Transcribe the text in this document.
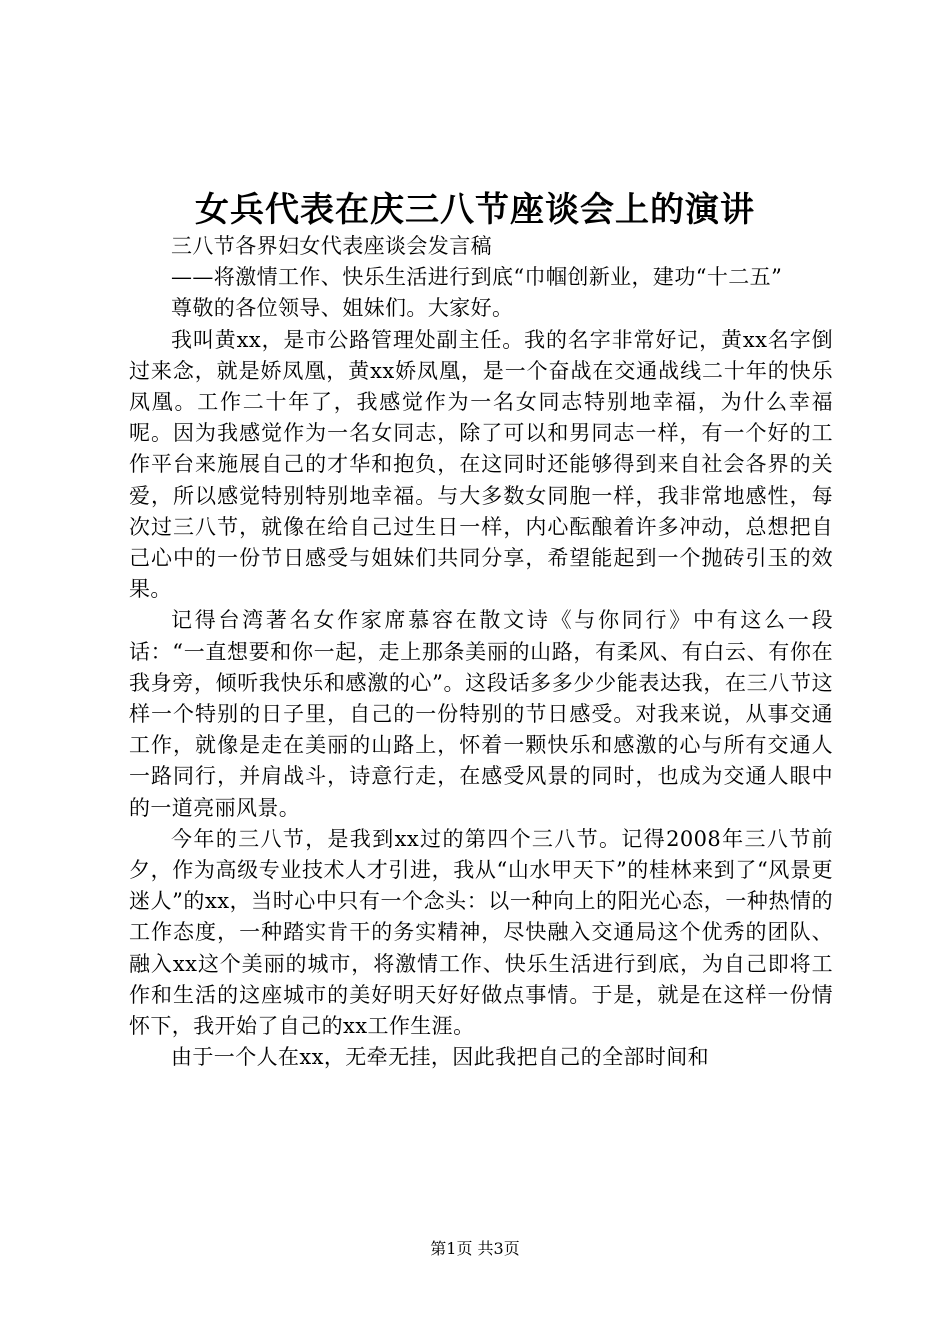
女兵代表在庆三八节座谈会上的演讲

三八节各界妇女代表座谈会发言稿

——将激情工作、快乐生活进行到底“巾帼创新业，建功“十二五”

尊敬的各位领导、姐妹们。大家好。

我叫黄xx，是市公路管理处副主任。我的名字非常好记，黄xx名字倒过来念，就是娇凤凰，黄xx娇凤凰，是一个奋战在交通战线二十年的快乐凤凰。工作二十年了，我感觉作为一名女同志特别地幸福，为什么幸福呢。因为我感觉作为一名女同志，除了可以和男同志一样，有一个好的工作平台来施展自己的才华和抱负，在这同时还能够得到来自社会各界的关爱，所以感觉特别特别地幸福。与大多数女同胞一样，我非常地感性，每次过三八节，就像在给自己过生日一样，内心酝酿着许多冲动，总想把自己心中的一份节日感受与姐妹们共同分享，希望能起到一个抛砖引玉的效果。

记得台湾著名女作家席慕容在散文诗《与你同行》中有这么一段话：“一直想要和你一起，走上那条美丽的山路，有柔风、有白云、有你在我身旁，倾听我快乐和感激的心”。这段话多多少少能表达我，在三八节这样一个特别的日子里，自己的一份特别的节日感受。对我来说，从事交通工作，就像是走在美丽的山路上，怀着一颗快乐和感激的心与所有交通人一路同行，并肩战斗，诗意行走，在感受风景的同时，也成为交通人眼中的一道亮丽风景。

今年的三八节，是我到xx过的第四个三八节。记得2008年三八节前夕，作为高级专业技术人才引进，我从“山水甲天下”的桂林来到了“风景更迷人”的xx，当时心中只有一个念头：以一种向上的阳光心态，一种热情的工作态度，一种踏实肯干的务实精神，尽快融入交通局这个优秀的团队、融入xx这个美丽的城市，将激情工作、快乐生活进行到底，为自己即将工作和生活的这座城市的美好明天好好做点事情。于是，就是在这样一份情怀下，我开始了自己的xx工作生涯。

由于一个人在xx，无牵无挂，因此我把自己的全部时间和

第1页 共3页
